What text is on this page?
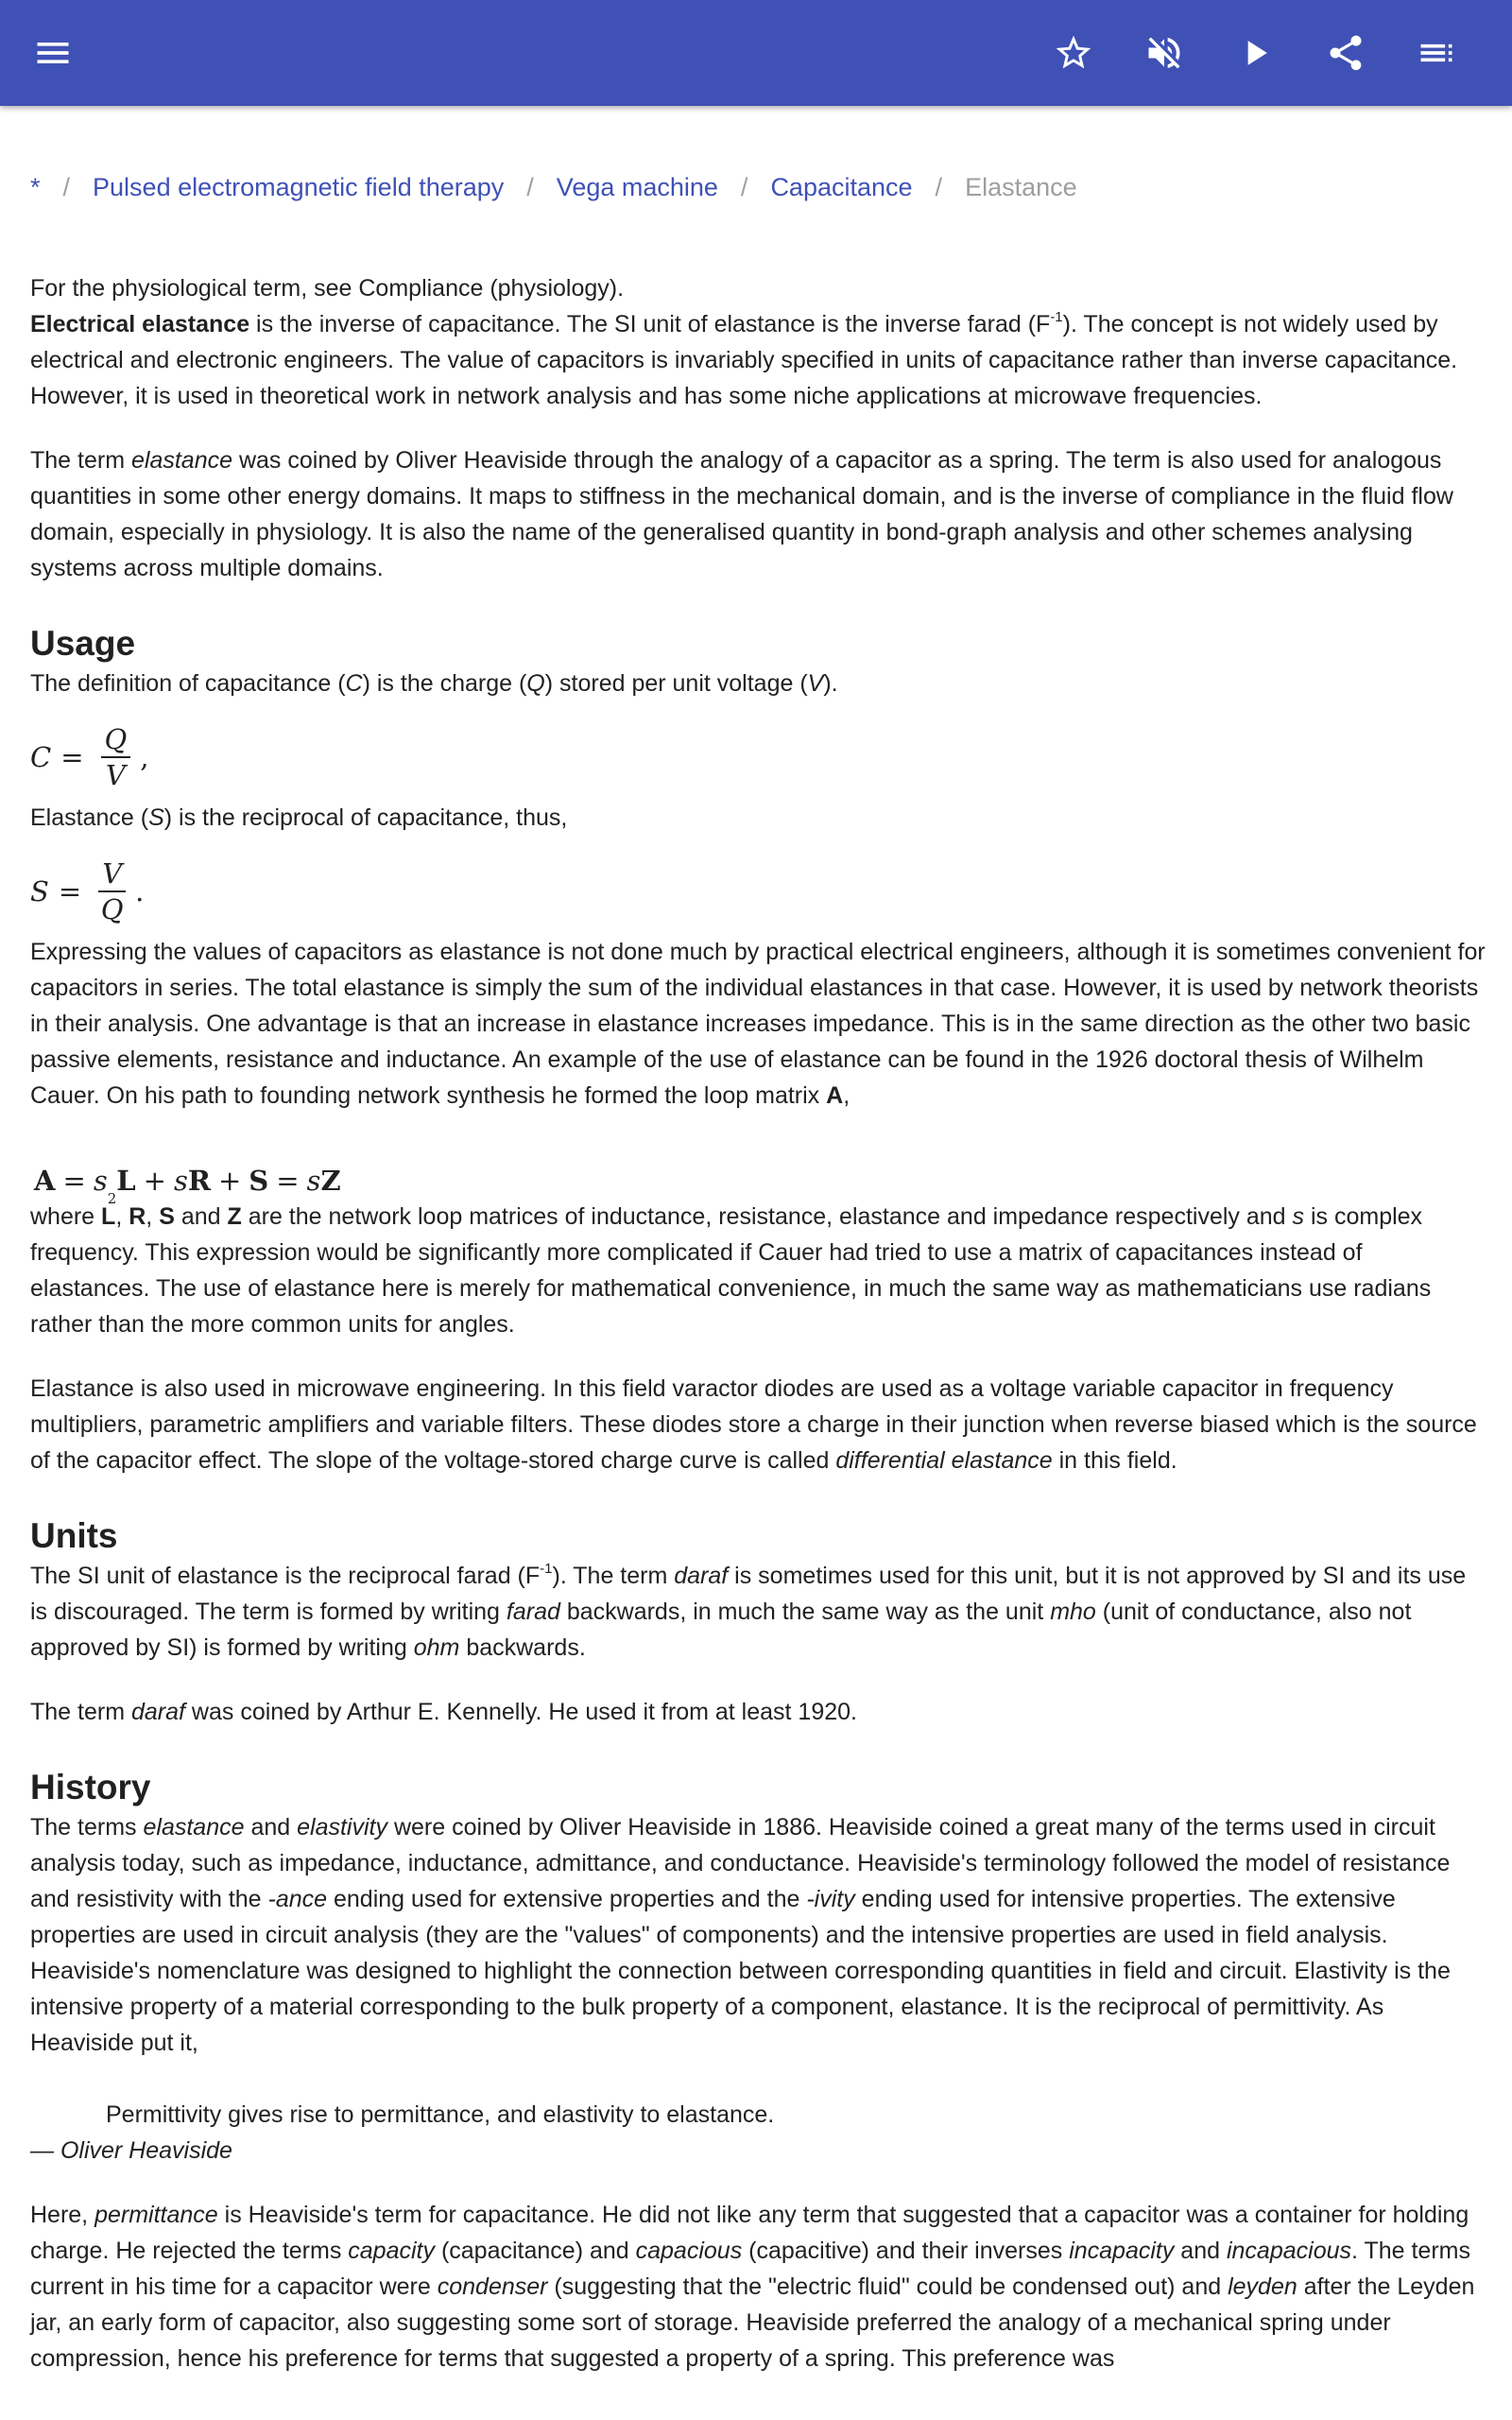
* / Pulsed electromagnetic field therapy / Vega machine / Capacitance / Elastance

For the physiological term, see Compliance (physiology).

Electrical elastance is the inverse of capacitance. The SI unit of elastance is the inverse farad $(F^{-1})$. The concept is not widely used by electrical and electronic engineers. The value of capacitors is invariably specified in units of capacitance rather than inverse capacitance. However, it is used in theoretical work in network analysis and has some niche applications at microwave frequencies.

The term elastance was coined by Oliver Heaviside through the analogy of a capacitor as a spring. The term is also used for analogous quantities in some other energy domains. It maps to stiffness in the mechanical domain, and is the inverse of compliance in the fluid flow domain, especially in physiology. It is also the name of the generalised quantity in bond-graph analysis and other schemes analysing systems across multiple domains.

Usage

The definition of capacitance (C) is the charge (Q) stored per unit voltage (V).

$C = \frac{Q}{V}$ ,

Elastance (S) is the reciprocal of capacitance, thus,

$S = \frac{V}{Q}$ .

Expressing the values of capacitors as elastance is not done much by practical electrical engineers, although it is sometimes convenient for capacitors in series. The total elastance is simply the sum of the individual elastances in that case. However, it is used by network theorists in their analysis. One advantage is that an increase in elastance increases impedance. This is in the same direction as the other two basic passive elements, resistance and inductance. An example of the use of elastance can be found in the 1926 doctoral thesis of Wilhelm Cauer. On his path to founding network synthesis he formed the loop matrix A,

A = s
2
L + s R + S = s Z

where L, R, S and Z are the network loop matrices of inductance, resistance, elastance and impedance respectively and s is complex frequency. This expression would be significantly more complicated if Cauer had tried to use a matrix of capacitances instead of elastances. The use of elastance here is merely for mathematical convenience, in much the same way as mathematicians use radians rather than the more common units for angles.

Elastance is also used in microwave engineering. In this field varactor diodes are used as a voltage variable capacitor in frequency multipliers, parametric amplifiers and variable filters. These diodes store a charge in their junction when reverse biased which is the source of the capacitor effect. The slope of the voltage-stored charge curve is called differential elastance in this field.

Units

The SI unit of elastance is the reciprocal farad $(F^{-1})$. The term daraf is sometimes used for this unit, but it is not approved by SI and its use is discouraged. The term is formed by writing farad backwards, in much the same way as the unit mho (unit of conductance, also not approved by SI) is formed by writing ohm backwards.

The term daraf was coined by Arthur E. Kennelly. He used it from at least 1920.

History

The terms elastance and elastivity were coined by Oliver Heaviside in 1886. Heaviside coined a great many of the terms used in circuit analysis today, such as impedance, inductance, admittance, and conductance. Heaviside's terminology followed the model of resistance and resistivity with the -ance ending used for extensive properties and the -ivity ending used for intensive properties. The extensive properties are used in circuit analysis (they are the "values" of components) and the intensive properties are used in field analysis. Heaviside's nomenclature was designed to highlight the connection between corresponding quantities in field and circuit. Elastivity is the intensive property of a material corresponding to the bulk property of a component, elastance. It is the reciprocal of permittivity. As Heaviside put it,

Permittivity gives rise to permittance, and elastivity to elastance.

— Oliver Heaviside

Here, permittance is Heaviside's term for capacitance. He did not like any term that suggested that a capacitor was a container for holding charge. He rejected the terms capacity (capacitance) and capacious (capacitive) and their inverses incapacity and incapacious. The terms current in his time for a capacitor were condenser (suggesting that the "electric fluid" could be condensed out) and leyden after the Leyden jar, an early form of capacitor, also suggesting some sort of storage. Heaviside preferred the analogy of a mechanical spring under compression, hence his preference for terms that suggested a property of a spring. This preference was
